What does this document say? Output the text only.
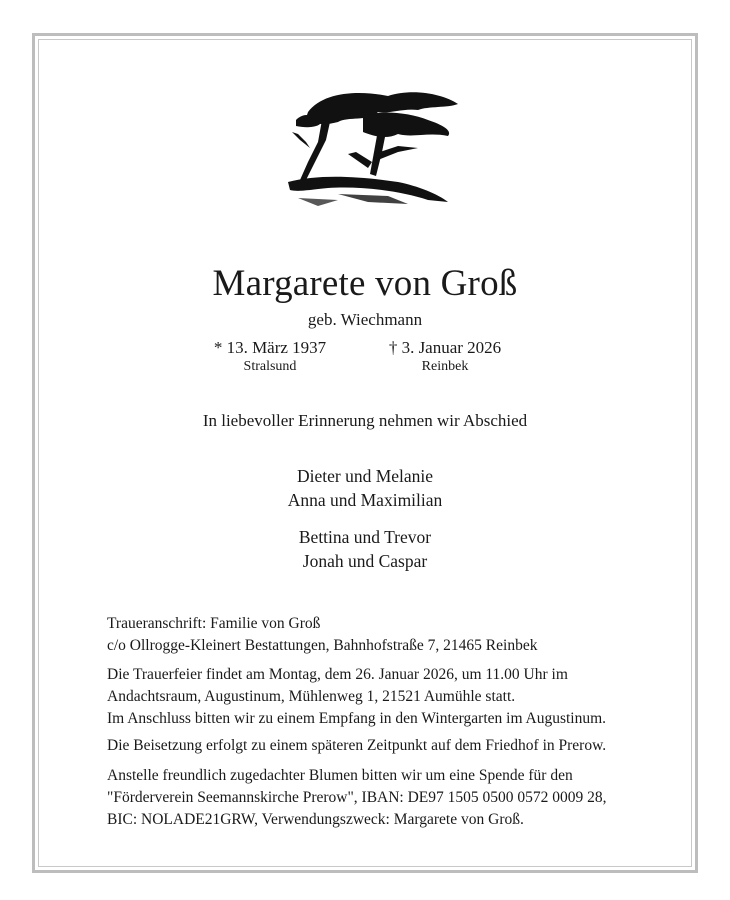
Margarete von Groß
geb. Wiechmann
* 13. März 1937
Stralsund
† 3. Januar 2026
Reinbek
In liebevoller Erinnerung nehmen wir Abschied
Dieter und Melanie
Anna und Maximilian
Bettina und Trevor
Jonah und Caspar

Traueranschrift: Familie von Groß

c/o Ollrogge-Kleinert Bestattungen, Bahnhofstraße 7, 21465 Reinbek

Die Trauerfeier findet am Montag, dem 26. Januar 2026, um 11.00 Uhr im

Andachtsraum, Augustinum, Mühlenweg 1, 21521 Aumühle statt.

Im Anschluss bitten wir zu einem Empfang in den Wintergarten im Augustinum.

Die Beisetzung erfolgt zu einem späteren Zeitpunkt auf dem Friedhof in Prerow.

Anstelle freundlich zugedachter Blumen bitten wir um eine Spende für den

"Förderverein Seemannskirche Prerow", IBAN: DE97 1505 0500 0572 0009 28,

BIC: NOLADE21GRW, Verwendungszweck: Margarete von Groß.
